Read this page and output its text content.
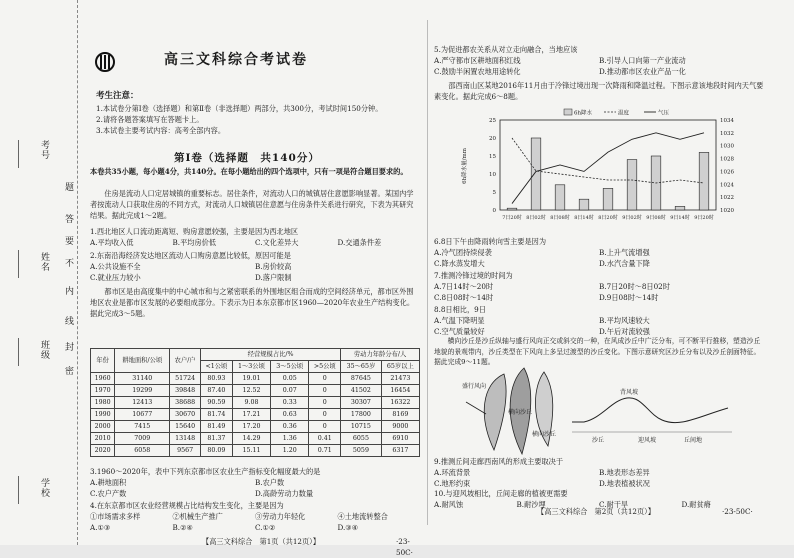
考号
姓名
班级
学校
题
答
要
不
内
线
封
密
高三文科综合考试卷
考生注意：
1.本试卷分第Ⅰ卷（选择题）和第Ⅱ卷（非选择题）两部分，共300分，考试时间150分钟。
2.请将各题答案填写在答题卡上。
3.本试卷主要考试内容：高考全部内容。
第Ⅰ卷（选择题　共140分）
本卷共35小题，每小题4分，共140分。在每小题给出的四个选项中，只有一项是符合题目要求的。
住房是流动人口定居城镇的重要标志。居住条件，对流动人口的城镇居住意愿影响显著。某国内学者按流动人口获取住房的不同方式，对流动人口城镇居住意愿与住房条件关系进行研究，下表为其研究结果。据此完成1～2题。
1.西北地区人口流动距离短、购房意愿较强，主要是因为西北地区
A.平均收入低	B.平均房价低	C.文化差异大	D.交通条件差
2.东南沿海经济发达地区流动人口购房意愿比较低，原因可能是
A.公共设施不全	B.房价较高
C.就业压力较小	D.落户限制
都市区是由高度集中的中心城市和与之紧密联系的外围地区组合而成的空间经济单元，都市区外围地区农业是都市区发展的必要组成部分。下表示为日本东京都市区1960—2020年农业生产结构变化。据此完成3～5题。
年份	耕地面积/公顷	农户/户	经营规模占比/%				劳动力年龄分布/人	
			<1公顷	1～3公顷	3～5公顷	>5公顷	35～65岁	65岁以上
1960	31140	51724	80.93	19.01	0.05	0	87645	21473
1970	19299	39848	87.40	12.52	0.07	0	41502	16454
1980	12413	38688	90.59	9.08	0.33	0	30307	16322
1990	10677	30670	81.74	17.21	0.63	0	17800	8169
2000	7415	15640	81.49	17.20	0.36	0	10715	9000
2010	7009	13148	81.37	14.29	1.36	0.41	6055	6910
2020	6058	9567	80.09	15.11	1.20	0.71	5059	6317
3.1960～2020年，表中下列东京都市区农业生产指标变化幅度最大的是
A.耕地面积	B.农户数
C.农户产数	D.高龄劳动力数量
4.在东京都市区农业经营规模占比结构发生变化，主要是因为
①市场需求多样	②机械生产推广	③劳动力年轻化	④土地流转整合
A.①③	B.②④	C.①②	D.③④
【高三文科综合　第1页（共12页）】	·23-50C·
5.为促进都农关系从对立走向融合，当地应该
A.严守都市区耕地面积红线	B.引导人口向第一产业流动
C.鼓励半闲置农地用途转化	D.推动都市区农业产品一化
邵西南山区某地2016年11月由于冷锋过境出现一次降雨和降温过程。下图示意该地段时间内天气要素变化。据此完成6～8题。
0
5
10
15
20
25
1020
1022
1024
1026
1028
1030
1032
1034
6h降水量/mm
7日20时 8日02时 8日08时 8日14时 8日20时 9日02时 9日08时 9日14时 9日20时
6h降水	温度	气压
6.8日下午由降雨转向雪主要是因为
A.冷气团持续侵袭	B.上升气流增强
C.降水蒸发增大	D.水汽含量下降
7.推测冷锋过境的时间为
A.7日14时～20时	B.7日20时～8日02时
C.8日08时～14时	D.9日08时～14时
8.8日相比，9日
A.气温下降明显	B.平均风速较大
C.空气质量较好	D.午后对流较强
横向沙丘是沙丘纵轴与盛行风向正交或斜交的一种，在风成沙丘中广泛分布，可不断平行推移，塑造沙丘地貌的景观带内，沙丘类型在下风向上多呈过渡型的沙丘变化。下图示意研究区沙丘分布以及沙丘剖面特征。据此完成9～11题。
盛行风向
横向沙丘
横向沙丘
沙丘
背风坡
迎风坡	丘间地
9.推测丘间走廊西南风的形成主要取决于
A.环流背景	B.地表形态差异
C.地形约束	D.地表植被状况
10.与迎风坡相比，丘间走廊的植被更需要
A.耐风蚀	B.耐沙埋	C.耐干旱	D.耐贫瘠
【高三文科综合　第2页（共12页）】	·23-50C·
